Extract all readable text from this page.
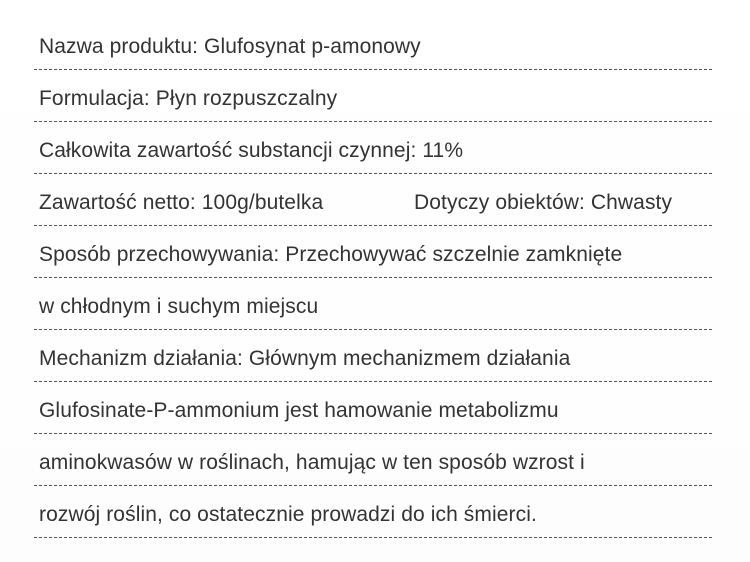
Nazwa produktu: Glufosynat p-amonowy
Formulacja: Płyn rozpuszczalny
Całkowita zawartość substancji czynnej: 11%
Zawartość netto: 100g/butelka	Dotyczy obiektów: Chwasty
Sposób przechowywania: Przechowywać szczelnie zamknięte
w chłodnym i suchym miejscu
Mechanizm działania: Głównym mechanizmem działania
Glufosinate-P-ammonium jest hamowanie metabolizmu
aminokwasów w roślinach, hamując w ten sposób wzrost i
rozwój roślin, co ostatecznie prowadzi do ich śmierci.
